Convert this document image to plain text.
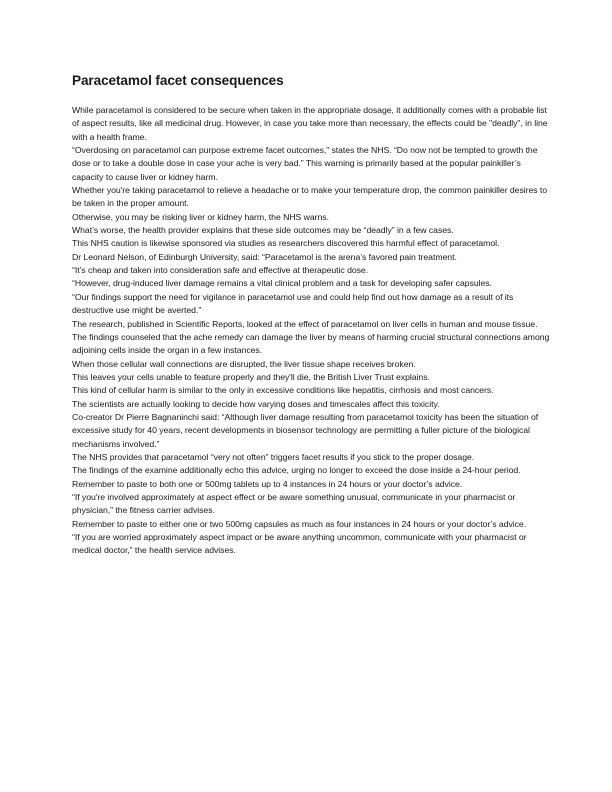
Paracetamol facet consequences

While paracetamol is considered to be secure when taken in the appropriate dosage, it additionally comes with a probable list of aspect results, like all medicinal drug. However, in case you take more than necessary, the effects could be "deadly", in line with a health frame.

“Overdosing on paracetamol can purpose extreme facet outcomes,” states the NHS. “Do now not be tempted to growth the dose or to take a double dose in case your ache is very bad.” This warning is primarily based at the popular painkiller’s capacity to cause liver or kidney harm.

Whether you're taking paracetamol to relieve a headache or to make your temperature drop, the common painkiller desires to be taken in the proper amount.

Otherwise, you may be risking liver or kidney harm, the NHS warns.

What’s worse, the health provider explains that these side outcomes may be “deadly” in a few cases.

This NHS caution is likewise sponsored via studies as researchers discovered this harmful effect of paracetamol.

Dr Leonard Nelson, of Edinburgh University, said: “Paracetamol is the arena’s favored pain treatment.

“It’s cheap and taken into consideration safe and effective at therapeutic dose.

“However, drug-induced liver damage remains a vital clinical problem and a task for developing safer capsules.

“Our findings support the need for vigilance in paracetamol use and could help find out how damage as a result of its destructive use might be averted.”

The research, published in Scientific Reports, looked at the effect of paracetamol on liver cells in human and mouse tissue.

The findings counseled that the ache remedy can damage the liver by means of harming crucial structural connections among adjoining cells inside the organ in a few instances.

When those cellular wall connections are disrupted, the liver tissue shape receives broken.

This leaves your cells unable to feature properly and they'll die, the British Liver Trust explains.

This kind of cellular harm is similar to the only in excessive conditions like hepatitis, cirrhosis and most cancers.

The scientists are actually looking to decide how varying doses and timescales affect this toxicity.

Co-creator Dr Pierre Bagnaninchi said: “Although liver damage resulting from paracetamol toxicity has been the situation of excessive study for 40 years, recent developments in biosensor technology are permitting a fuller picture of the biological mechanisms involved.”

The NHS provides that paracetamol “very not often” triggers facet results if you stick to the proper dosage.

The findings of the examine additionally echo this advice, urging no longer to exceed the dose inside a 24-hour period.

Remember to paste to both one or 500mg tablets up to 4 instances in 24 hours or your doctor’s advice.

“If you're involved approximately at aspect effect or be aware something unusual, communicate in your pharmacist or physician,” the fitness carrier advises.

Remember to paste to either one or two 500mg capsules as much as four instances in 24 hours or your doctor’s advice.

“If you are worried approximately aspect impact or be aware anything uncommon, communicate with your pharmacist or medical doctor,” the health service advises.
